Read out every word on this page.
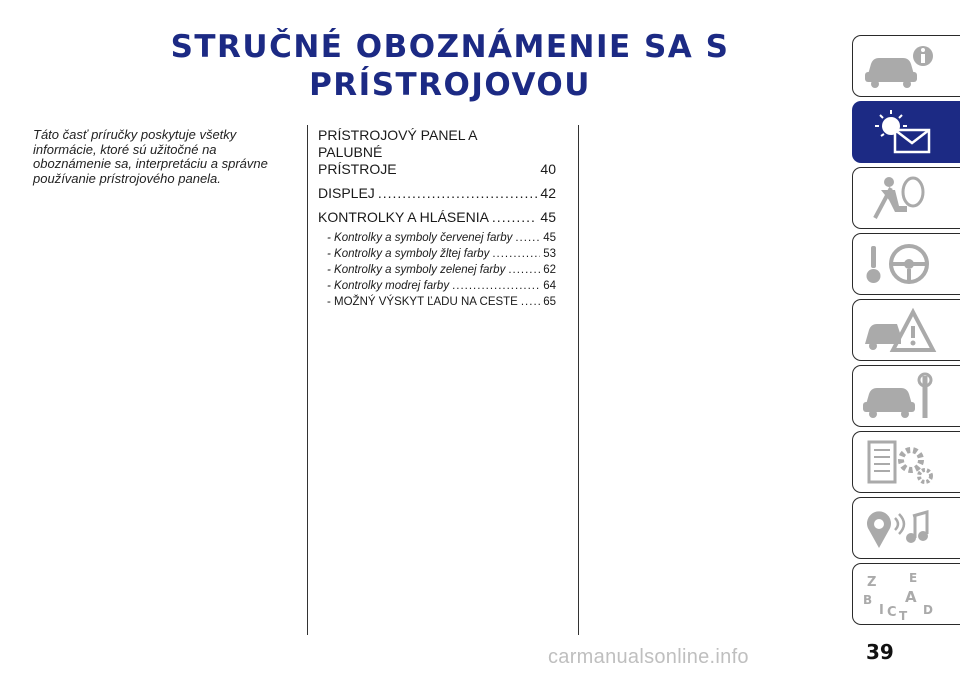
STRUČNÉ OBOZNÁMENIE SA S
PRÍSTROJOVOU
Táto časť príručky poskytuje všetky informácie, ktoré sú užitočné na oboznámenie sa, interpretáciu a správne používanie prístrojového panela.
PRÍSTROJOVÝ PANEL A PALUBNÉ
PRÍSTROJE	40
DISPLEJ .....	42
KONTROLKY A HLÁSENIA .....	45
- Kontrolky a symboly červenej farby .....	45
- Kontrolky a symboly žltej farby .....	53
- Kontrolky a symboly zelenej farby .....	62
- Kontrolky modrej farby .....	64
- MOŽNÝ VÝSKYT ĽADU NA CESTE ..... 65
Z	E
B A
I C T D
39
carmanualsonline.info
